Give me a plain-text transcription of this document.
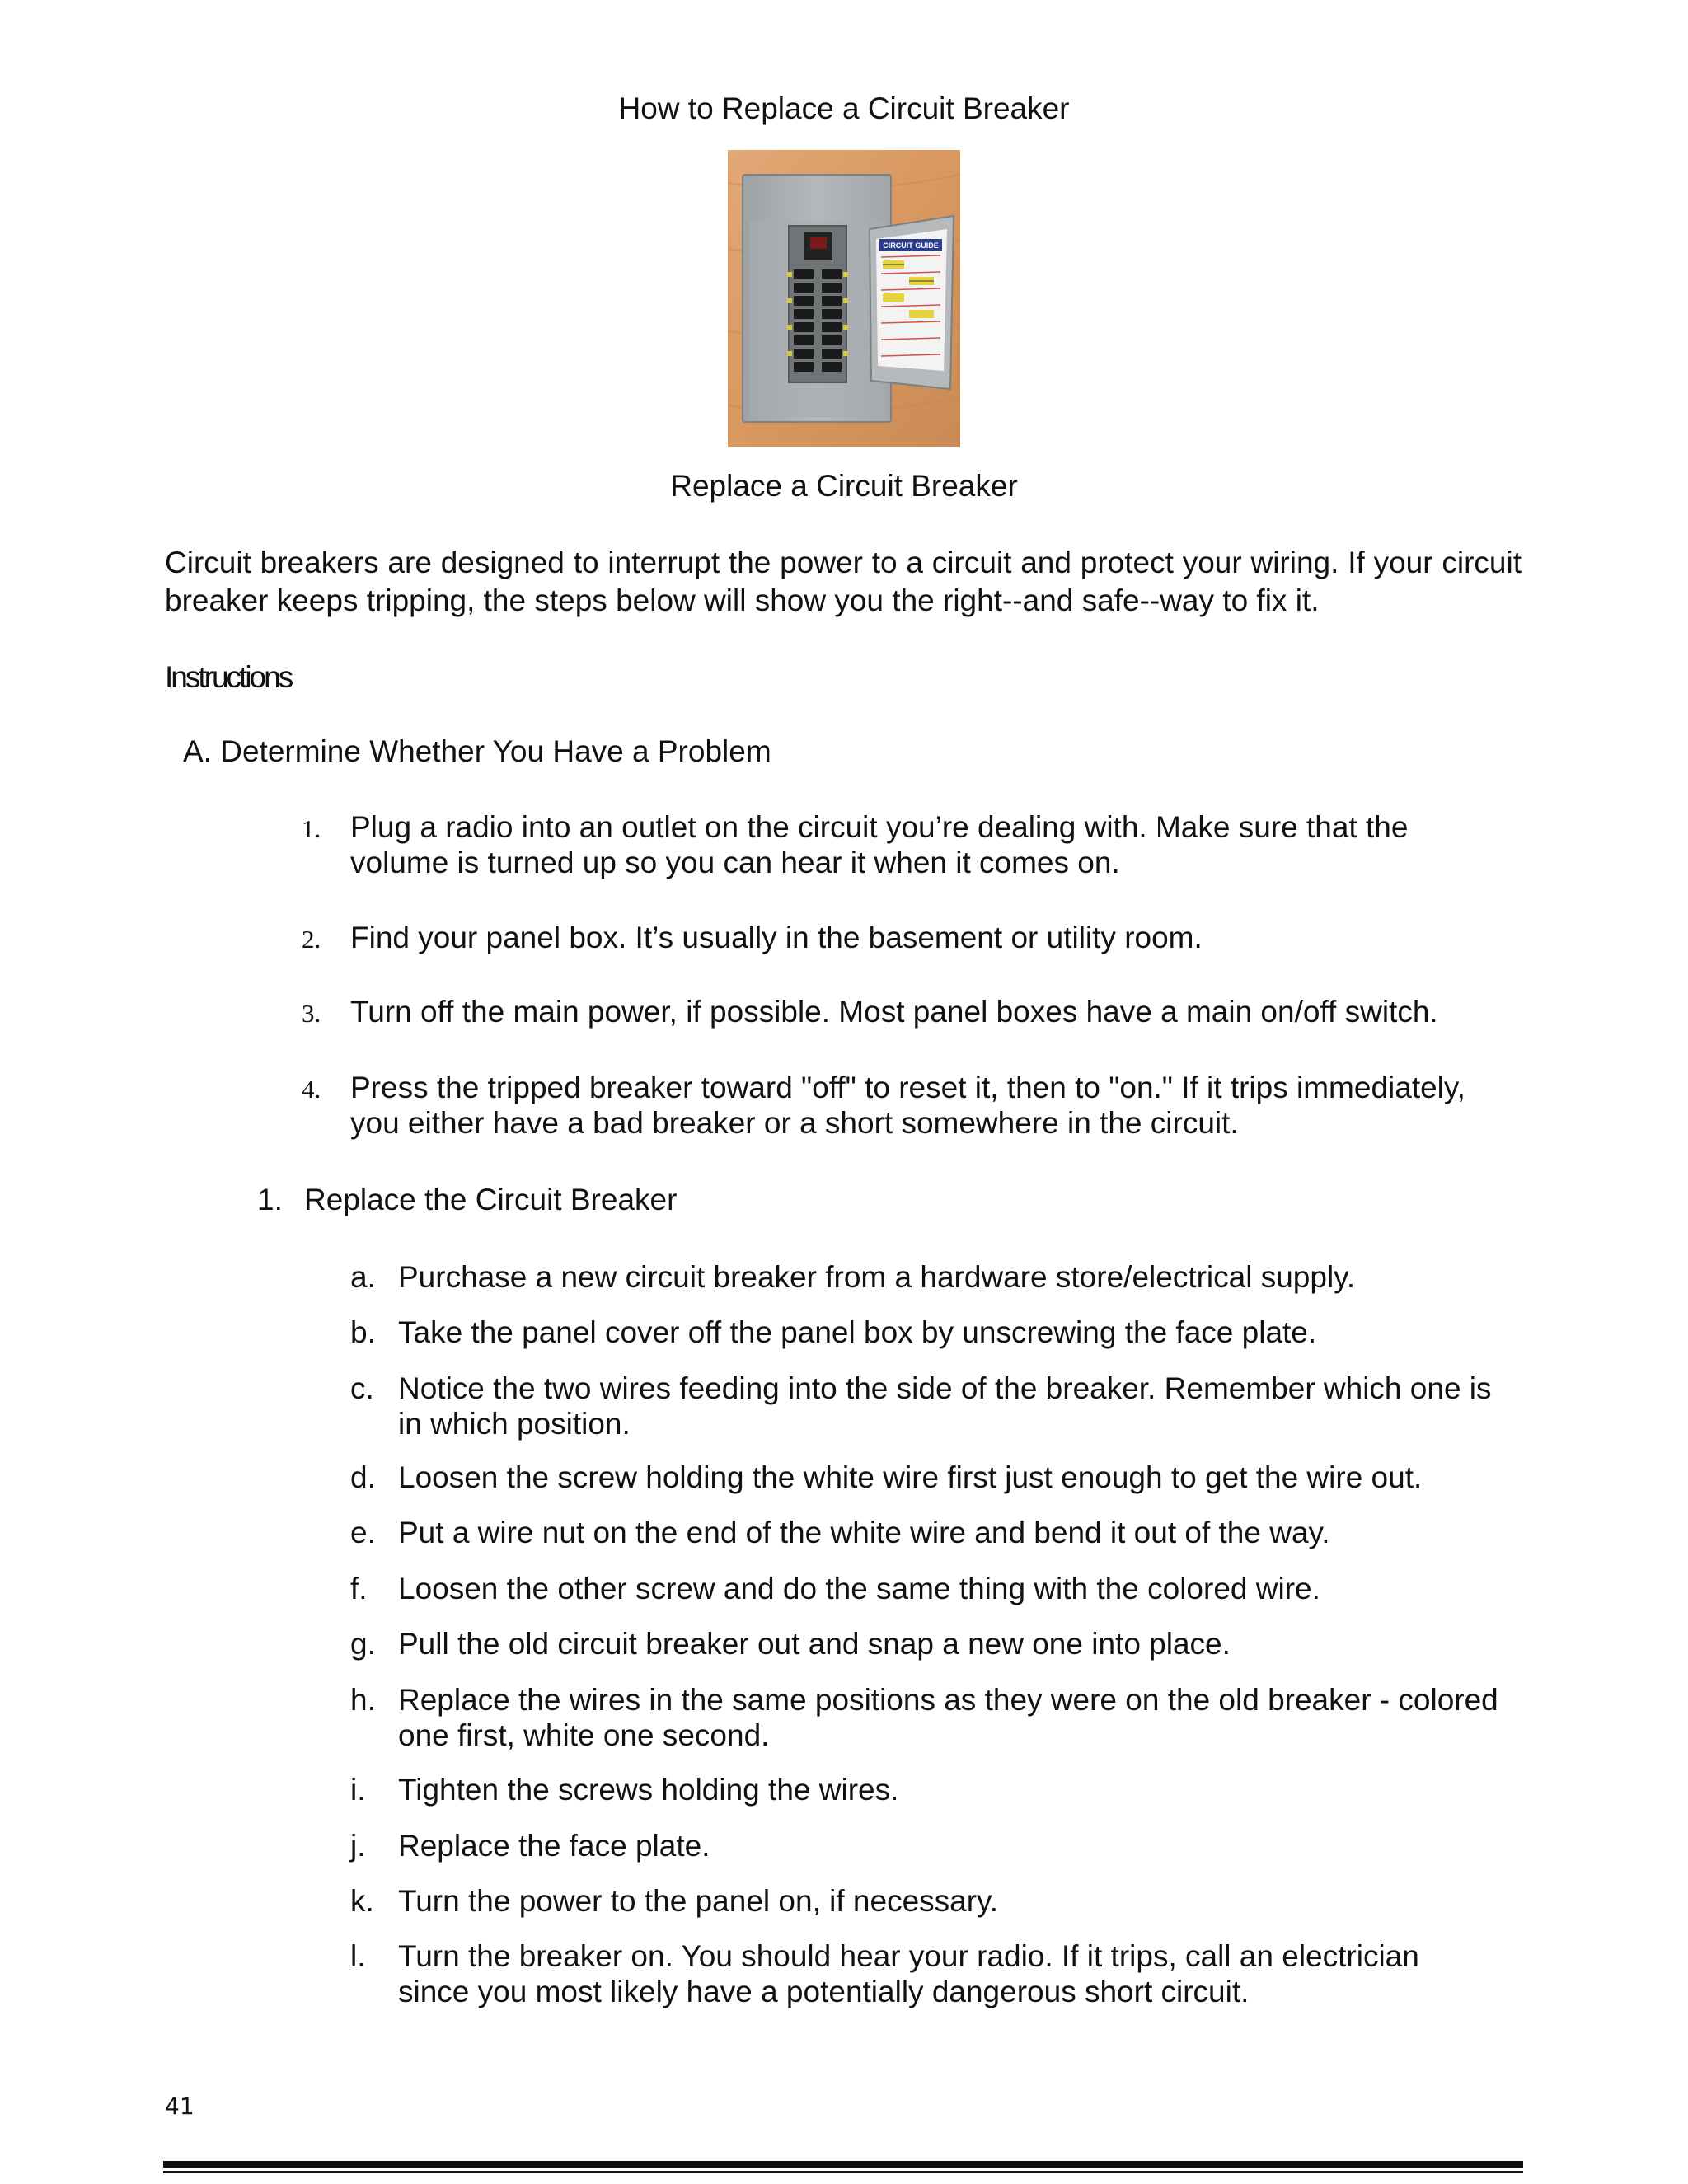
How to Replace a Circuit Breaker
CIRCUIT GUIDE
Replace a Circuit Breaker
Circuit breakers are designed to interrupt the power to a circuit and protect your wiring. If your circuit breaker keeps tripping, the steps below will show you the right--and safe--way to fix it.
Instructions
A. Determine Whether You Have a Problem
1. Plug a radio into an outlet on the circuit you’re dealing with. Make sure that the
volume is turned up so you can hear it when it comes on.
2. Find your panel box. It’s usually in the basement or utility room.
3. Turn off the main power, if possible. Most panel boxes have a main on/off switch.
4. Press the tripped breaker toward "off" to reset it, then to "on." If it trips immediately,
you either have a bad breaker or a short somewhere in the circuit.
1. Replace the Circuit Breaker
a. Purchase a new circuit breaker from a hardware store/electrical supply.
b. Take the panel cover off the panel box by unscrewing the face plate.
c. Notice the two wires feeding into the side of the breaker. Remember which one is
in which position.
d. Loosen the screw holding the white wire first just enough to get the wire out.
e. Put a wire nut on the end of the white wire and bend it out of the way.
f. Loosen the other screw and do the same thing with the colored wire.
g. Pull the old circuit breaker out and snap a new one into place.
h. Replace the wires in the same positions as they were on the old breaker - colored
one first, white one second.
i. Tighten the screws holding the wires.
j. Replace the face plate.
k. Turn the power to the panel on, if necessary.
l. Turn the breaker on. You should hear your radio. If it trips, call an electrician
since you most likely have a potentially dangerous short circuit.
41
